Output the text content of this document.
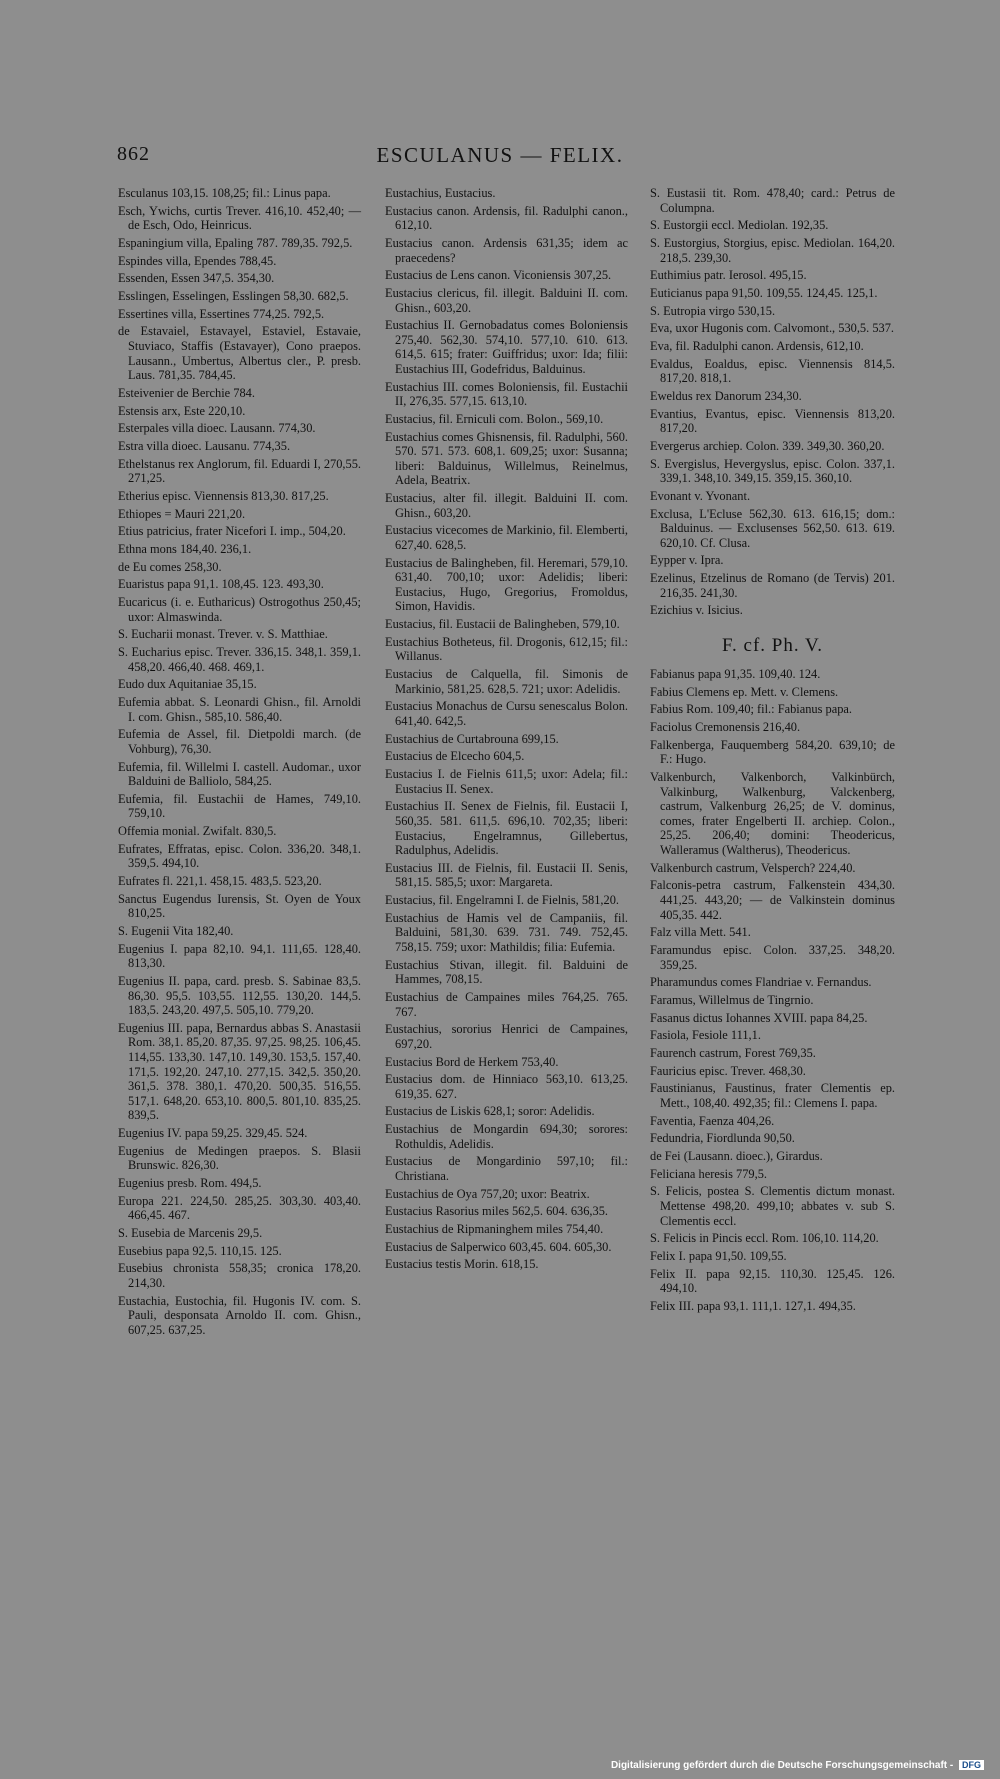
862	ESCULANUS — FELIX.

Esculanus 103,15. 108,25; fil.: Linus papa.

Esch, Ywichs, curtis Trever. 416,10. 452,40; — de Esch, Odo, Heinricus.

Espaningium villa, Epaling 787. 789,35. 792,5.

Espindes villa, Ependes 788,45.

Essenden, Essen 347,5. 354,30.

Esslingen, Esselingen, Esslingen 58,30. 682,5.

Essertines villa, Essertines 774,25. 792,5.

de Estavaiel, Estavayel, Estaviel, Estavaie, Stuviaco, Staffis (Estavayer), Cono praepos. Lausann., Umbertus, Albertus cler., P. presb. Laus. 781,35. 784,45.

Esteivenier de Berchie 784.

Estensis arx, Este 220,10.

Esterpales villa dioec. Lausann. 774,30.

Estra villa dioec. Lausanu. 774,35.

Ethelstanus rex Anglorum, fil. Eduardi I, 270,55. 271,25.

Etherius episc. Viennensis 813,30. 817,25.

Ethiopes = Mauri 221,20.

Etius patricius, frater Nicefori I. imp., 504,20.

Ethna mons 184,40. 236,1.

de Eu comes 258,30.

Euaristus papa 91,1. 108,45. 123. 493,30.

Eucaricus (i. e. Eutharicus) Ostrogothus 250,45; uxor: Almaswinda.

S. Eucharii monast. Trever. v. S. Matthiae.

S. Eucharius episc. Trever. 336,15. 348,1. 359,1. 458,20. 466,40. 468. 469,1.

Eudo dux Aquitaniae 35,15.

Eufemia abbat. S. Leonardi Ghisn., fil. Arnoldi I. com. Ghisn., 585,10. 586,40.

Eufemia de Assel, fil. Dietpoldi march. (de Vohburg), 76,30.

Eufemia, fil. Willelmi I. castell. Audomar., uxor Balduini de Balliolo, 584,25.

Eufemia, fil. Eustachii de Hames, 749,10. 759,10.

Offemia monial. Zwifalt. 830,5.

Eufrates, Effratas, episc. Colon. 336,20. 348,1. 359,5. 494,10.

Eufrates fl. 221,1. 458,15. 483,5. 523,20.

Sanctus Eugendus Iurensis, St. Oyen de Youx 810,25.

S. Eugenii Vita 182,40.

Eugenius I. papa 82,10. 94,1. 111,65. 128,40. 813,30.

Eugenius II. papa, card. presb. S. Sabinae 83,5. 86,30. 95,5. 103,55. 112,55. 130,20. 144,5. 183,5. 243,20. 497,5. 505,10. 779,20.

Eugenius III. papa, Bernardus abbas S. Anastasii Rom. 38,1. 85,20. 87,35. 97,25. 98,25. 106,45. 114,55. 133,30. 147,10. 149,30. 153,5. 157,40. 171,5. 192,20. 247,10. 277,15. 342,5. 350,20. 361,5. 378. 380,1. 470,20. 500,35. 516,55. 517,1. 648,20. 653,10. 800,5. 801,10. 835,25. 839,5.

Eugenius IV. papa 59,25. 329,45. 524.

Eugenius de Medingen praepos. S. Blasii Brunswic. 826,30.

Eugenius presb. Rom. 494,5.

Europa 221. 224,50. 285,25. 303,30. 403,40. 466,45. 467.

S. Eusebia de Marcenis 29,5.

Eusebius papa 92,5. 110,15. 125.

Eusebius chronista 558,35; cronica 178,20. 214,30.

Eustachia, Eustochia, fil. Hugonis IV. com. S. Pauli, desponsata Arnoldo II. com. Ghisn., 607,25. 637,25.

Eustachius, Eustacius.

Eustacius canon. Ardensis, fil. Radulphi canon., 612,10.

Eustacius canon. Ardensis 631,35; idem ac praecedens?

Eustacius de Lens canon. Viconiensis 307,25.

Eustacius clericus, fil. illegit. Balduini II. com. Ghisn., 603,20.

Eustachius II. Gernobadatus comes Boloniensis 275,40. 562,30. 574,10. 577,10. 610. 613. 614,5. 615; frater: Guiffridus; uxor: Ida; filii: Eustachius III, Godefridus, Balduinus.

Eustachius III. comes Boloniensis, fil. Eustachii II, 276,35. 577,15. 613,10.

Eustacius, fil. Erniculi com. Bolon., 569,10.

Eustachius comes Ghisnensis, fil. Radulphi, 560. 570. 571. 573. 608,1. 609,25; uxor: Susanna; liberi: Balduinus, Willelmus, Reinelmus, Adela, Beatrix.

Eustacius, alter fil. illegit. Balduini II. com. Ghisn., 603,20.

Eustacius vicecomes de Markinio, fil. Elemberti, 627,40. 628,5.

Eustacius de Balingheben, fil. Heremari, 579,10. 631,40. 700,10; uxor: Adelidis; liberi: Eustacius, Hugo, Gregorius, Fromoldus, Simon, Havidis.

Eustacius, fil. Eustacii de Balingheben, 579,10.

Eustachius Botheteus, fil. Drogonis, 612,15; fil.: Willanus.

Eustacius de Calquella, fil. Simonis de Markinio, 581,25. 628,5. 721; uxor: Adelidis.

Eustacius Monachus de Cursu senescalus Bolon. 641,40. 642,5.

Eustachius de Curtabrouna 699,15.

Eustacius de Elcecho 604,5.

Eustacius I. de Fielnis 611,5; uxor: Adela; fil.: Eustacius II. Senex.

Eustachius II. Senex de Fielnis, fil. Eustacii I, 560,35. 581. 611,5. 696,10. 702,35; liberi: Eustacius, Engelramnus, Gillebertus, Radulphus, Adelidis.

Eustacius III. de Fielnis, fil. Eustacii II. Senis, 581,15. 585,5; uxor: Margareta.

Eustacius, fil. Engelramni I. de Fielnis, 581,20.

Eustachius de Hamis vel de Campaniis, fil. Balduini, 581,30. 639. 731. 749. 752,45. 758,15. 759; uxor: Mathildis; filia: Eufemia.

Eustachius Stivan, illegit. fil. Balduini de Hammes, 708,15.

Eustachius de Campaines miles 764,25. 765. 767.

Eustachius, sororius Henrici de Campaines, 697,20.

Eustacius Bord de Herkem 753,40.

Eustacius dom. de Hinniaco 563,10. 613,25. 619,35. 627.

Eustacius de Liskis 628,1; soror: Adelidis.

Eustachius de Mongardin 694,30; sorores: Rothuldis, Adelidis.

Eustacius de Mongardinio 597,10; fil.: Christiana.

Eustachius de Oya 757,20; uxor: Beatrix.

Eustacius Rasorius miles 562,5. 604. 636,35.

Eustachius de Ripmaninghem miles 754,40.

Eustacius de Salperwico 603,45. 604. 605,30.

Eustacius testis Morin. 618,15.

S. Eustasii tit. Rom. 478,40; card.: Petrus de Columpna.

S. Eustorgii eccl. Mediolan. 192,35.

S. Eustorgius, Storgius, episc. Mediolan. 164,20. 218,5. 239,30.

Euthimius patr. Ierosol. 495,15.

Euticianus papa 91,50. 109,55. 124,45. 125,1.

S. Eutropia virgo 530,15.

Eva, uxor Hugonis com. Calvomont., 530,5. 537.

Eva, fil. Radulphi canon. Ardensis, 612,10.

Evaldus, Eoaldus, episc. Viennensis 814,5. 817,20. 818,1.

Eweldus rex Danorum 234,30.

Evantius, Evantus, episc. Viennensis 813,20. 817,20.

Evergerus archiep. Colon. 339. 349,30. 360,20.

S. Evergislus, Hevergyslus, episc. Colon. 337,1. 339,1. 348,10. 349,15. 359,15. 360,10.

Evonant v. Yvonant.

Exclusa, L'Ecluse 562,30. 613. 616,15; dom.: Balduinus. — Exclusenses 562,50. 613. 619. 620,10. Cf. Clusa.

Eypper v. Ipra.

Ezelinus, Etzelinus de Romano (de Tervis) 201. 216,35. 241,30.

Ezichius v. Isicius.

F. cf. Ph. V.

Fabianus papa 91,35. 109,40. 124.

Fabius Clemens ep. Mett. v. Clemens.

Fabius Rom. 109,40; fil.: Fabianus papa.

Faciolus Cremonensis 216,40.

Falkenberga, Fauquemberg 584,20. 639,10; de F.: Hugo.

Valkenburch, Valkenborch, Valkinbürch, Valkinburg, Walkenburg, Valckenberg, castrum, Valkenburg 26,25; de V. dominus, comes, frater Engelberti II. archiep. Colon., 25,25. 206,40; domini: Theodericus, Walleramus (Waltherus), Theodericus.

Valkenburch castrum, Velsperch? 224,40.

Falconis-petra castrum, Falkenstein 434,30. 441,25. 443,20; — de Valkinstein dominus 405,35. 442.

Falz villa Mett. 541.

Faramundus episc. Colon. 337,25. 348,20. 359,25.

Pharamundus comes Flandriae v. Fernandus.

Faramus, Willelmus de Tingrnio.

Fasanus dictus Iohannes XVIII. papa 84,25.

Fasiola, Fesiole 111,1.

Faurench castrum, Forest 769,35.

Fauricius episc. Trever. 468,30.

Faustinianus, Faustinus, frater Clementis ep. Mett., 108,40. 492,35; fil.: Clemens I. papa.

Faventia, Faenza 404,26.

Fedundria, Fiordlunda 90,50.

de Fei (Lausann. dioec.), Girardus.

Feliciana heresis 779,5.

S. Felicis, postea S. Clementis dictum monast. Mettense 498,20. 499,10; abbates v. sub S. Clementis eccl.

S. Felicis in Pincis eccl. Rom. 106,10. 114,20.

Felix I. papa 91,50. 109,55.

Felix II. papa 92,15. 110,30. 125,45. 126. 494,10.

Felix III. papa 93,1. 111,1. 127,1. 494,35.

Digitalisierung gefördert durch die Deutsche Forschungsgemeinschaft - DFG
